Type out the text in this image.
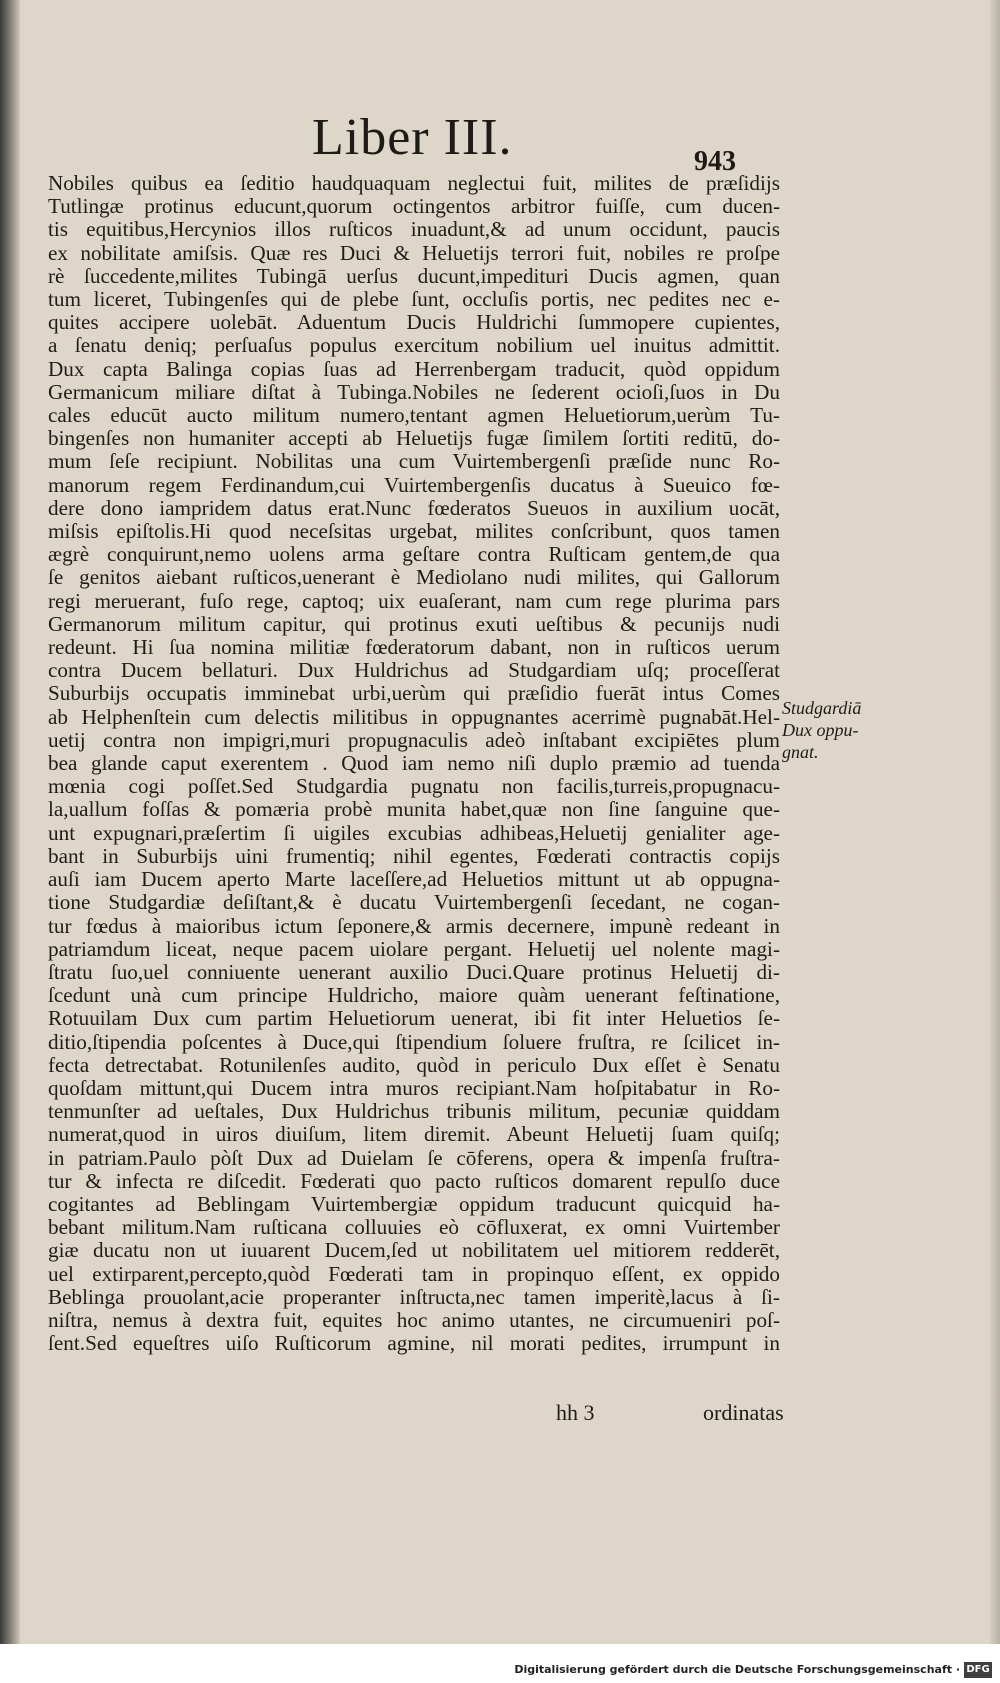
Liber III.	943
Nobiles quibus ea ſeditio haudquaquam neglectui fuit, milites de præſidijs
Tutlingæ protinus educunt,quorum octingentos arbitror fuiſſe, cum ducen-
tis equitibus,Hercynios illos ruſticos inuadunt,& ad unum occidunt, paucis
ex nobilitate amiſsis. Quæ res Duci & Heluetijs terrori fuit, nobiles re proſpe
rè ſuccedente,milites Tubingā uerſus ducunt,impedituri Ducis agmen, quan
tum liceret, Tubingenſes qui de plebe ſunt, occluſis portis, nec pedites nec e-
quites accipere uolebāt. Aduentum Ducis Huldrichi ſummopere cupientes,
a ſenatu deniq; perſuaſus populus exercitum nobilium uel inuitus admittit.
Dux capta Balinga copias ſuas ad Herrenbergam traducit, quòd oppidum
Germanicum miliare diſtat à Tubinga.Nobiles ne ſederent ocioſi,ſuos in Du
cales educūt aucto militum numero,tentant agmen Heluetiorum,uerùm Tu-
bingenſes non humaniter accepti ab Heluetijs fugæ ſimilem ſortiti reditū, do-
mum ſeſe recipiunt. Nobilitas una cum Vuirtembergenſi præſide nunc Ro-
manorum regem Ferdinandum,cui Vuirtembergenſis ducatus à Sueuico fœ-
dere dono iampridem datus erat.Nunc fœderatos Sueuos in auxilium uocāt,
miſsis epiſtolis.Hi quod neceſsitas urgebat, milites conſcribunt, quos tamen
ægrè conquirunt,nemo uolens arma geſtare contra Ruſticam gentem,de qua
ſe genitos aiebant ruſticos,uenerant è Mediolano nudi milites, qui Gallorum
regi meruerant, fuſo rege, captoq; uix euaſerant, nam cum rege plurima pars
Germanorum militum capitur, qui protinus exuti ueſtibus & pecunijs nudi
redeunt. Hi ſua nomina militiæ fœderatorum dabant, non in ruſticos uerum
contra Ducem bellaturi. Dux Huldrichus ad Studgardiam uſq; proceſſerat
Suburbijs occupatis imminebat urbi,uerùm qui præſidio fuerāt intus Comes
ab Helphenſtein cum delectis militibus in oppugnantes acerrimè pugnabāt.Hel-
uetij contra non impigri,muri propugnaculis adeò inſtabant excipiētes plum
bea glande caput exerentem . Quod iam nemo niſi duplo præmio ad tuenda
mœnia cogi poſſet.Sed Studgardia pugnatu non facilis,turreis,propugnacu-
la,uallum foſſas & pomæria probè munita habet,quæ non ſine ſanguine que-
unt expugnari,præſertim ſi uigiles excubias adhibeas,Heluetij genialiter age-
bant in Suburbijs uini frumentiq; nihil egentes, Fœderati contractis copijs
auſi iam Ducem aperto Marte laceſſere,ad Heluetios mittunt ut ab oppugna-
tione Studgardiæ deſiſtant,& è ducatu Vuirtembergenſi ſecedant, ne cogan-
tur fœdus à maioribus ictum ſeponere,& armis decernere, impunè redeant in
patriamdum liceat, neque pacem uiolare pergant. Heluetij uel nolente magi-
ſtratu ſuo,uel conniuente uenerant auxilio Duci.Quare protinus Heluetij di-
ſcedunt unà cum principe Huldricho, maiore quàm uenerant feſtinatione,
Rotuuilam Dux cum partim Heluetiorum uenerat, ibi fit inter Heluetios ſe-
ditio,ſtipendia poſcentes à Duce,qui ſtipendium ſoluere fruſtra, re ſcilicet in-
fecta detrectabat. Rotunilenſes audito, quòd in periculo Dux eſſet è Senatu
quoſdam mittunt,qui Ducem intra muros recipiant.Nam hoſpitabatur in Ro-
tenmunſter ad ueſtales, Dux Huldrichus tribunis militum, pecuniæ quiddam
numerat,quod in uiros diuiſum, litem diremit. Abeunt Heluetij ſuam quiſq;
in patriam.Paulo pòſt Dux ad Duielam ſe cōferens, opera & impenſa fruſtra-
tur & infecta re diſcedit. Fœderati quo pacto ruſticos domarent repulſo duce
cogitantes ad Beblingam Vuirtembergiæ oppidum traducunt quicquid ha-
bebant militum.Nam ruſticana colluuies eò cōfluxerat, ex omni Vuirtember
giæ ducatu non ut iuuarent Ducem,ſed ut nobilitatem uel mitiorem redderēt,
uel extirparent,percepto,quòd Fœderati tam in propinquo eſſent, ex oppido
Beblinga prouolant,acie properanter inſtructa,nec tamen imperitè,lacus à ſi-
niſtra, nemus à dextra fuit, equites hoc animo utantes, ne circumueniri poſ-
ſent.Sed equeſtres uiſo Ruſticorum agmine, nil morati pedites, irrumpunt in
Studgardiā
Dux oppu-
gnat.
hh 3	ordinatas
Digitalisierung gefördert durch die Deutsche Forschungsgemeinschaft · DFG
